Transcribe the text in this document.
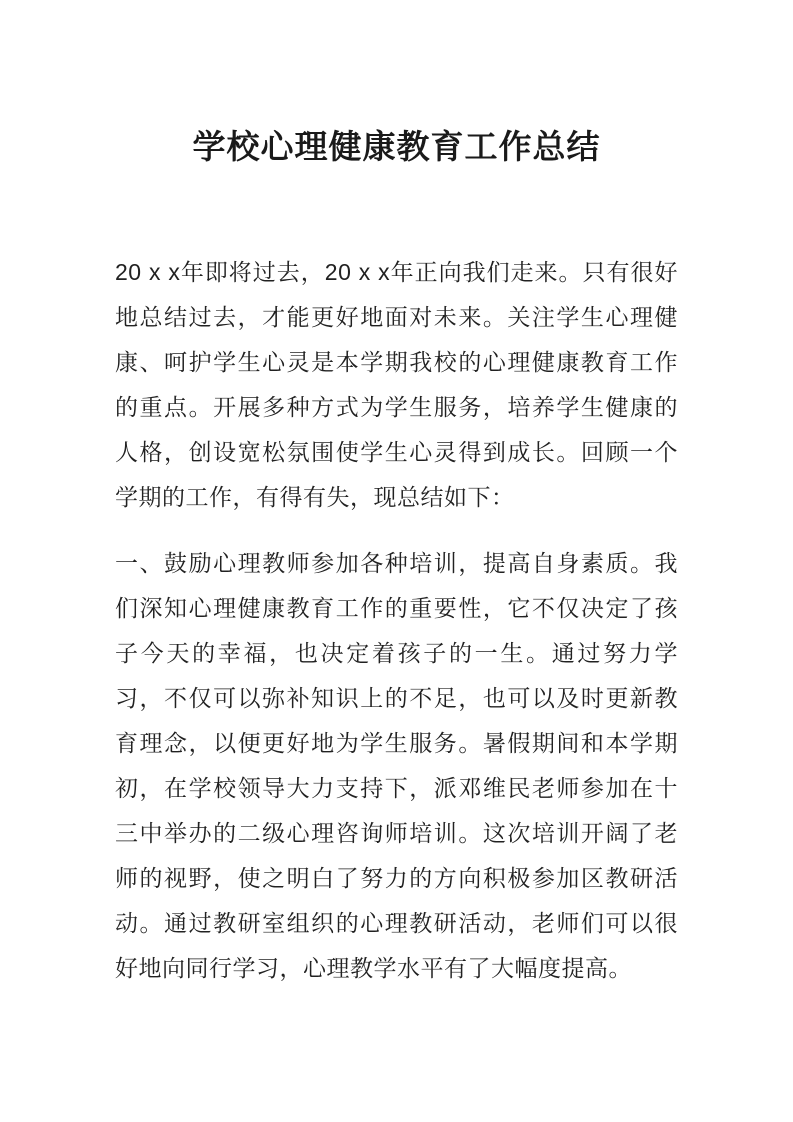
学校心理健康教育工作总结

20 x x年即将过去，20 x x年正向我们走来。只有很好地总结过去，才能更好地面对未来。关注学生心理健康、呵护学生心灵是本学期我校的心理健康教育工作的重点。开展多种方式为学生服务，培养学生健康的人格，创设宽松氛围使学生心灵得到成长。回顾一个学期的工作，有得有失，现总结如下：

一、鼓励心理教师参加各种培训，提高自身素质。我们深知心理健康教育工作的重要性，它不仅决定了孩子今天的幸福，也决定着孩子的一生。通过努力学习，不仅可以弥补知识上的不足，也可以及时更新教育理念，以便更好地为学生服务。暑假期间和本学期初，在学校领导大力支持下，派邓维民老师参加在十三中举办的二级心理咨询师培训。这次培训开阔了老师的视野，使之明白了努力的方向积极参加区教研活动。通过教研室组织的心理教研活动，老师们可以很好地向同行学习，心理教学水平有了大幅度提高。
